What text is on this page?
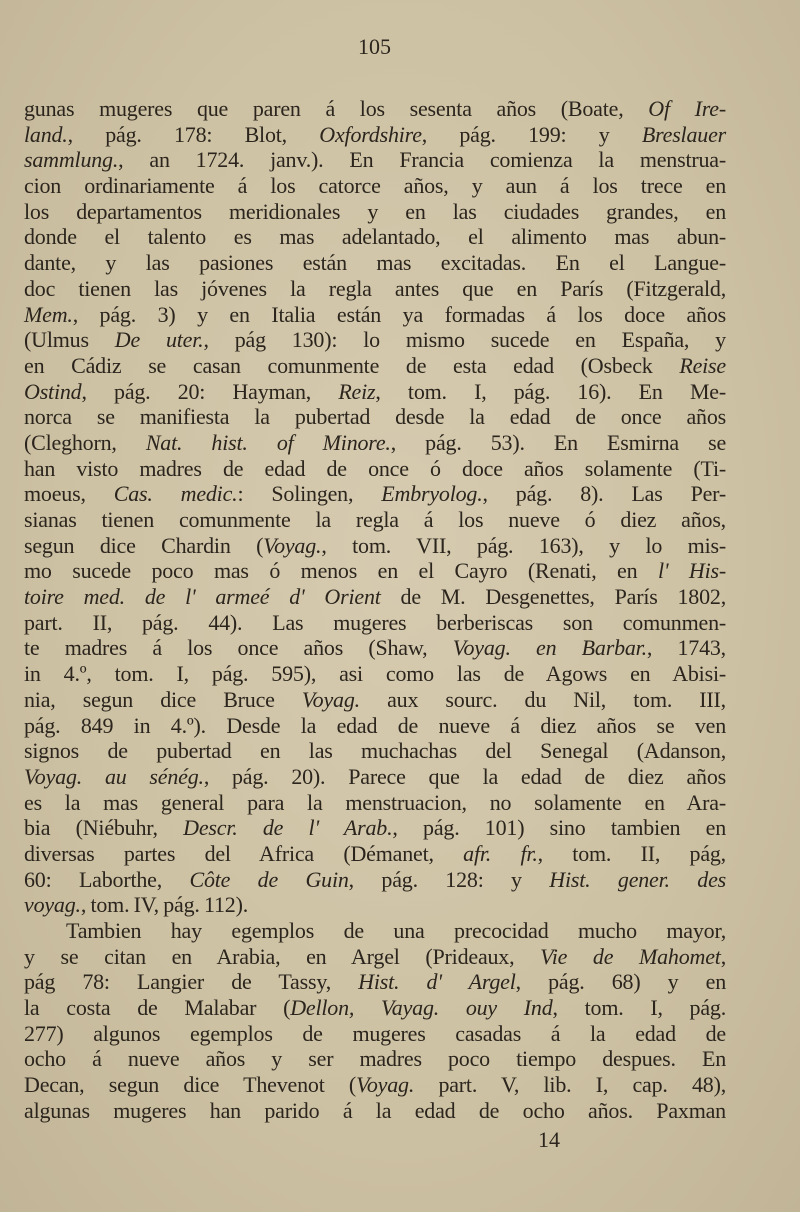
105
gunas mugeres que paren á los sesenta años (Boate, Of Ire-
land., pág. 178: Blot, Oxfordshire, pág. 199: y Breslauer
sammlung., an 1724. janv.). En Francia comienza la menstrua-
cion ordinariamente á los catorce años, y aun á los trece en
los departamentos meridionales y en las ciudades grandes, en
donde el talento es mas adelantado, el alimento mas abun-
dante, y las pasiones están mas excitadas. En el Langue-
doc tienen las jóvenes la regla antes que en París (Fitzgerald,
Mem., pág. 3) y en Italia están ya formadas á los doce años
(Ulmus De uter., pág 130): lo mismo sucede en España, y
en Cádiz se casan comunmente de esta edad (Osbeck Reise
Ostind, pág. 20: Hayman, Reiz, tom. I, pág. 16). En Me-
norca se manifiesta la pubertad desde la edad de once años
(Cleghorn, Nat. hist. of Minore., pág. 53). En Esmirna se
han visto madres de edad de once ó doce años solamente (Ti-
moeus, Cas. medic.: Solingen, Embryolog., pág. 8). Las Per-
sianas tienen comunmente la regla á los nueve ó diez años,
segun dice Chardin (Voyag., tom. VII, pág. 163), y lo mis-
mo sucede poco mas ó menos en el Cayro (Renati, en l' His-
toire med. de l' armeé d' Orient de M. Desgenettes, París 1802,
part. II, pág. 44). Las mugeres berberiscas son comunmen-
te madres á los once años (Shaw, Voyag. en Barbar., 1743,
in 4.º, tom. I, pág. 595), asi como las de Agows en Abisi-
nia, segun dice Bruce Voyag. aux sourc. du Nil, tom. III,
pág. 849 in 4.º). Desde la edad de nueve á diez años se ven
signos de pubertad en las muchachas del Senegal (Adanson,
Voyag. au sénég., pág. 20). Parece que la edad de diez años
es la mas general para la menstruacion, no solamente en Ara-
bia (Niébuhr, Descr. de l' Arab., pág. 101) sino tambien en
diversas partes del Africa (Démanet, afr. fr., tom. II, pág,
60: Laborthe, Côte de Guin, pág. 128: y Hist. gener. des
voyag., tom. IV, pág. 112).
Tambien hay egemplos de una precocidad mucho mayor,
y se citan en Arabia, en Argel (Prideaux, Vie de Mahomet,
pág 78: Langier de Tassy, Hist. d' Argel, pág. 68) y en
la costa de Malabar (Dellon, Vayag. ouy Ind, tom. I, pág.
277) algunos egemplos de mugeres casadas á la edad de
ocho á nueve años y ser madres poco tiempo despues. En
Decan, segun dice Thevenot (Voyag. part. V, lib. I, cap. 48),
algunas mugeres han parido á la edad de ocho años. Paxman
14
